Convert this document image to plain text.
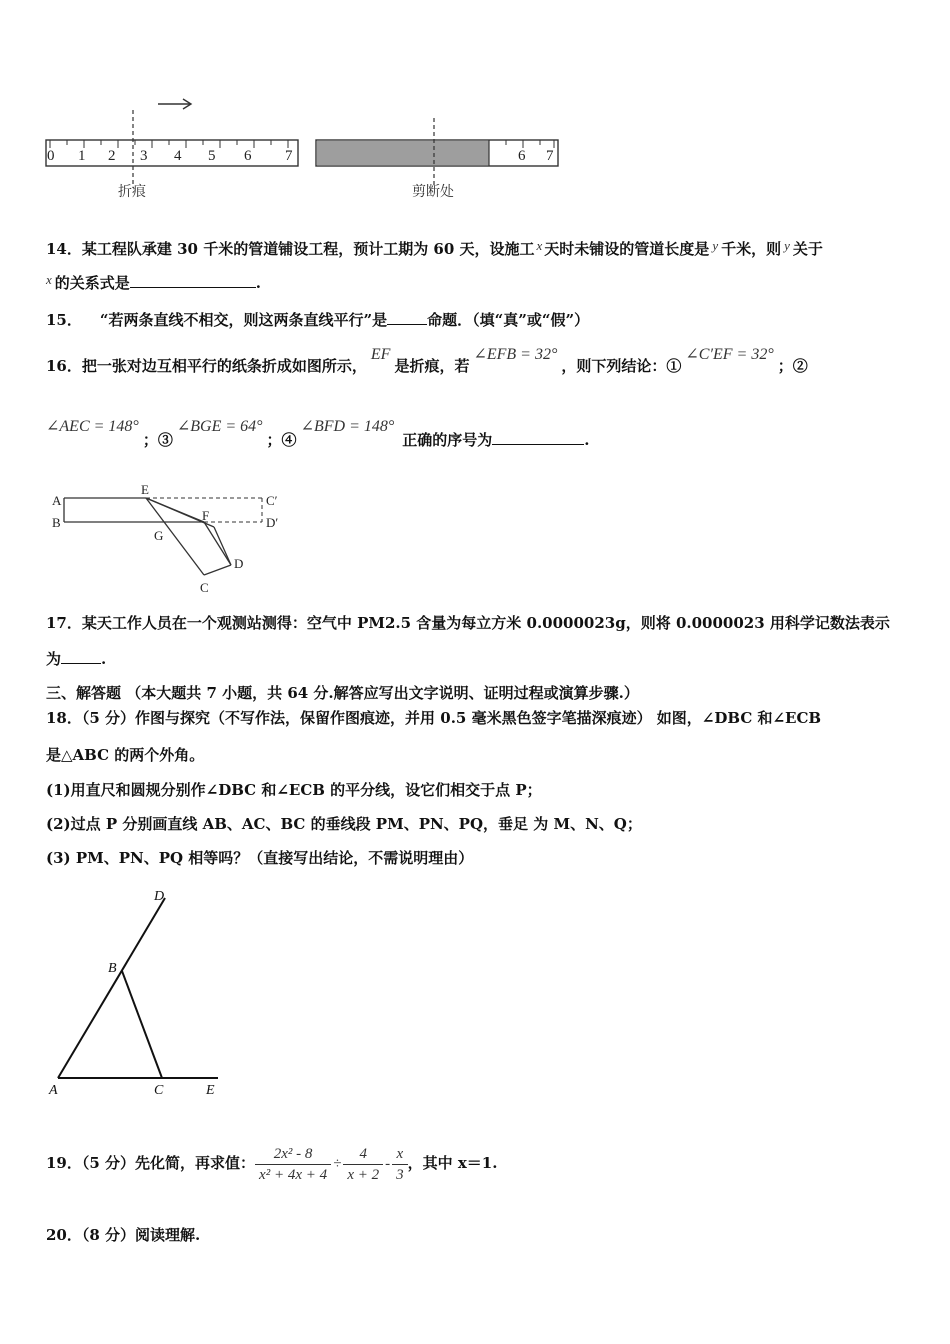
0 1 2 3 4 5 6 7
折痕
6 7
剪断处
14．某工程队承建 30 千米的管道铺设工程，预计工期为 60 天，设施工 x 天时未铺设的管道长度是 y 千米，则 y 关于
x 的关系式是	.
15． “若两条直线不相交，则这两条直线平行”是	命题．（填“真”或“假”）
16．把一张对边互相平行的纸条折成如图所示，EF是折痕，若∠EFB = 32°，则下列结论：①∠C′EF = 32°；②
∠AEC = 148°；③∠BGE = 64°；④∠BFD = 148°正确的序号为	.
A
B
E
F
G
C
D
C′
D′
17．某天工作人员在一个观测站测得：空气中 PM2.5 含量为每立方米 0.0000023g，则将 0.0000023 用科学记数法表示
为	.
三、解答题 （本大题共 7 小题，共 64 分.解答应写出文字说明、证明过程或演算步骤.）
18．（5 分）作图与探究（不写作法，保留作图痕迹，并用 0.5 毫米黑色签字笔描深痕迹） 如图，∠DBC 和∠ECB
是△ABC 的两个外角。
(1)用直尺和圆规分别作∠DBC 和∠ECB 的平分线，设它们相交于点 P；
(2)过点 P 分别画直线 AB、AC、BC 的垂线段 PM、PN、PQ，垂足 为 M、N、Q；
(3) PM、PN、PQ 相等吗？（直接写出结论，不需说明理由）
D
B
A	C	E
19．（5 分）先化简，再求值： $\frac{\text{2x² - 8}}{\text{x² + 4x + 4}} \div \frac{4}{x + 2} - \frac{x}{3}$ ，其中 x＝1.
20．（8 分）阅读理解.
